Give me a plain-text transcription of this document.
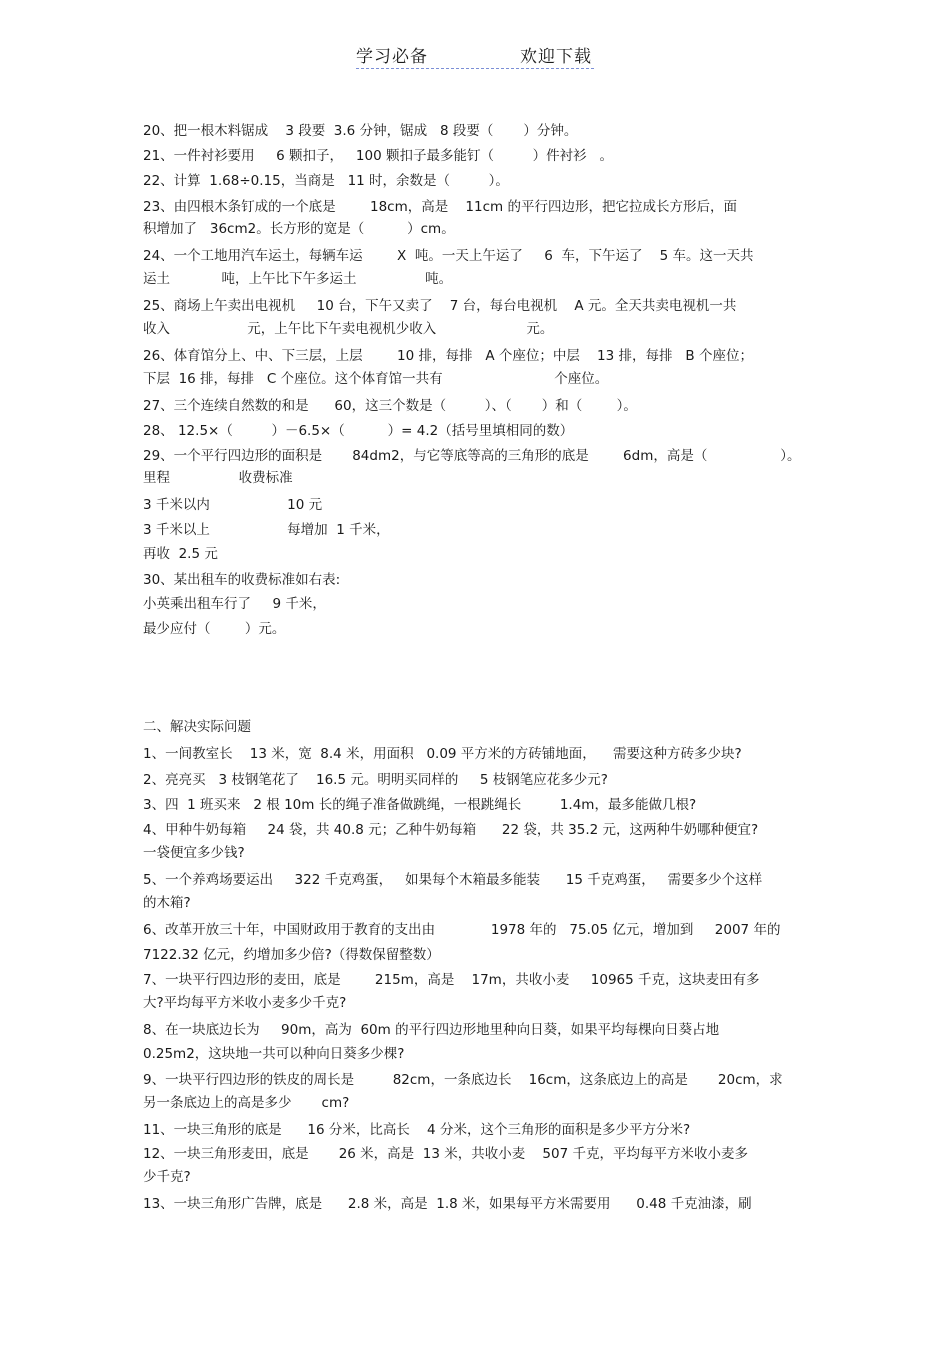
学习必备	欢迎下载
20、把一根木料锯成    3 段要  3.6 分钟，锯成   8 段要（       ）分钟。
21、一件衬衫要用     6 颗扣子，   100 颗扣子最多能钉（         ）件衬衫   。
22、计算  1.68÷0.15，当商是   11 时，余数是（         ）。
23、由四根木条钉成的一个底是        18cm，高是    11cm 的平行四边形，把它拉成长方形后，面
积增加了   36cm2。长方形的宽是（          ）cm。
24、一个工地用汽车运土，每辆车运        X  吨。一天上午运了     6  车，下午运了    5 车。这一天共
运土            吨，上午比下午多运土                吨。
25、商场上午卖出电视机     10 台，下午又卖了    7 台，每台电视机    A 元。全天共卖电视机一共
收入                  元，上午比下午卖电视机少收入                     元。
26、体育馆分上、中、下三层，上层        10 排，每排   A 个座位；中层    13 排，每排   B 个座位；
下层  16 排，每排   C 个座位。这个体育馆一共有                          个座位。
27、三个连续自然数的和是      60，这三个数是（         ）、（       ）和（        ）。
28、 12.5×（         ）－6.5×（          ）= 4.2（括号里填相同的数）
29、一个平行四边形的面积是       84dm2，与它等底等高的三角形的底是        6dm，高是（                 ）。
里程                收费标准
3 千米以内                  10 元
3 千米以上                  每增加  1 千米，
再收  2.5 元
30、某出租车的收费标准如右表:
小英乘出租车行了     9 千米，
最少应付（        ）元。
二、解决实际问题
1、一间教室长    13 米，宽  8.4 米，用面积   0.09 平方米的方砖铺地面，    需要这种方砖多少块?
2、亮亮买   3 枝钢笔花了    16.5 元。明明买同样的     5 枝钢笔应花多少元?
3、四  1 班买来   2 根 10m 长的绳子准备做跳绳，一根跳绳长         1.4m，最多能做几根?
4、甲种牛奶每箱     24 袋，共 40.8 元；乙种牛奶每箱      22 袋，共 35.2 元，这两种牛奶哪种便宜?
一袋便宜多少钱?
5、一个养鸡场要运出     322 千克鸡蛋，   如果每个木箱最多能装      15 千克鸡蛋，   需要多少个这样
的木箱?
6、改革开放三十年，中国财政用于教育的支出由             1978 年的   75.05 亿元，增加到     2007 年的
7122.32 亿元，约增加多少倍?（得数保留整数）
7、一块平行四边形的麦田，底是        215m，高是    17m，共收小麦     10965 千克，这块麦田有多
大?平均每平方米收小麦多少千克?
8、在一块底边长为     90m，高为  60m 的平行四边形地里种向日葵，如果平均每棵向日葵占地
0.25m2，这块地一共可以种向日葵多少棵?
9、一块平行四边形的铁皮的周长是         82cm，一条底边长    16cm，这条底边上的高是       20cm，求
另一条底边上的高是多少       cm?
11、一块三角形的底是      16 分米，比高长    4 分米，这个三角形的面积是多少平方分米?
12、一块三角形麦田，底是       26 米，高是  13 米，共收小麦    507 千克，平均每平方米收小麦多
少千克?
13、一块三角形广告牌，底是      2.8 米，高是  1.8 米，如果每平方米需要用      0.48 千克油漆，刷
